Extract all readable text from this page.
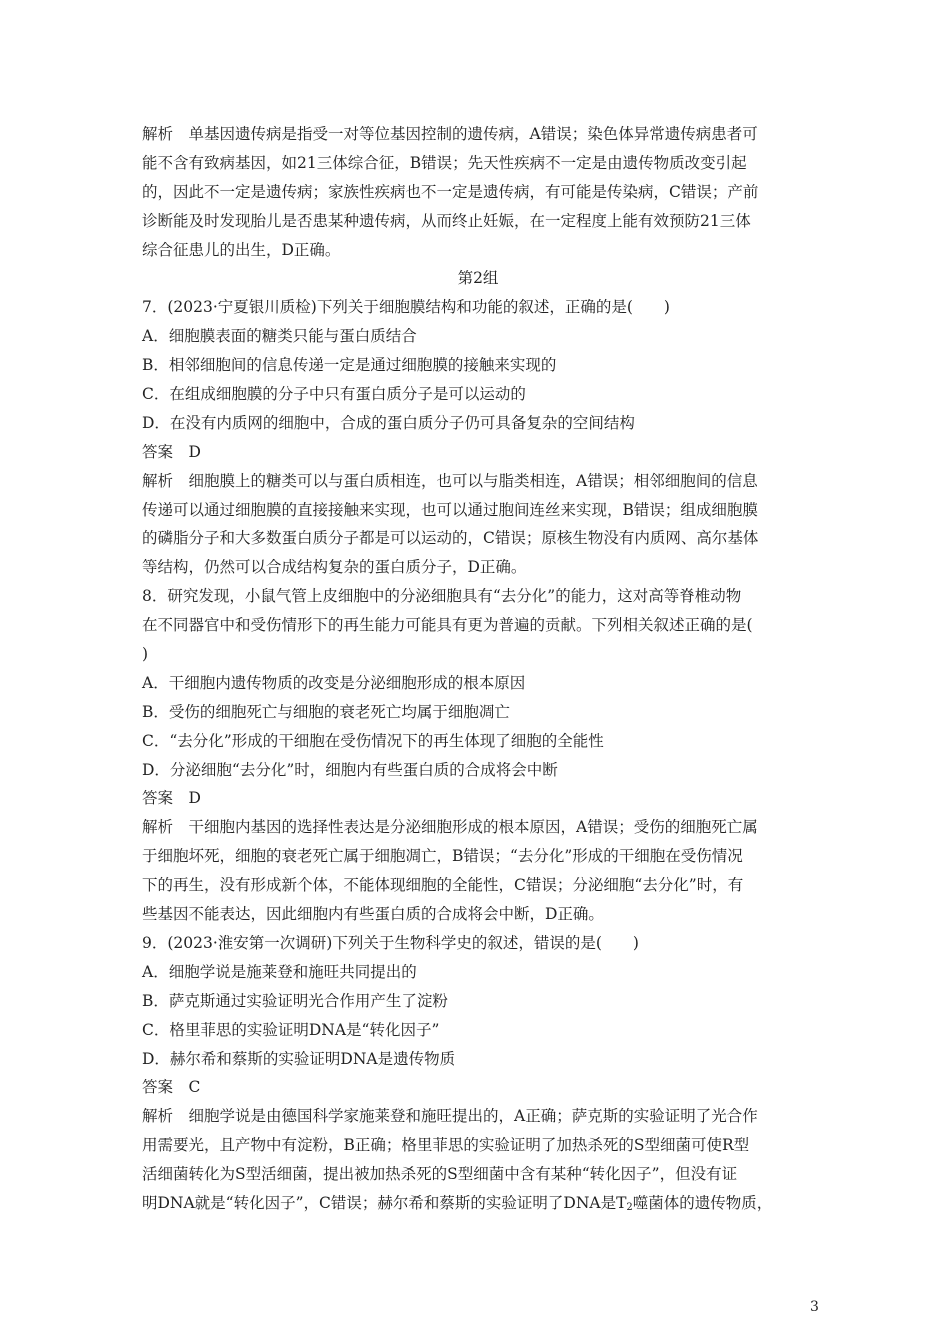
解析　单基因遗传病是指受一对等位基因控制的遗传病，A错误；染色体异常遗传病患者可
能不含有致病基因，如21三体综合征，B错误；先天性疾病不一定是由遗传物质改变引起
的，因此不一定是遗传病；家族性疾病也不一定是遗传病，有可能是传染病，C错误；产前
诊断能及时发现胎儿是否患某种遗传病，从而终止妊娠，在一定程度上能有效预防21三体
综合征患儿的出生，D正确。
第2组
7．(2023·宁夏银川质检)下列关于细胞膜结构和功能的叙述，正确的是(　　)
A．细胞膜表面的糖类只能与蛋白质结合
B．相邻细胞间的信息传递一定是通过细胞膜的接触来实现的
C．在组成细胞膜的分子中只有蛋白质分子是可以运动的
D．在没有内质网的细胞中，合成的蛋白质分子仍可具备复杂的空间结构
答案　D
解析　细胞膜上的糖类可以与蛋白质相连，也可以与脂类相连，A错误；相邻细胞间的信息
传递可以通过细胞膜的直接接触来实现，也可以通过胞间连丝来实现，B错误；组成细胞膜
的磷脂分子和大多数蛋白质分子都是可以运动的，C错误；原核生物没有内质网、高尔基体
等结构，仍然可以合成结构复杂的蛋白质分子，D正确。
8．研究发现，小鼠气管上皮细胞中的分泌细胞具有“去分化”的能力，这对高等脊椎动物
在不同器官中和受伤情形下的再生能力可能具有更为普遍的贡献。下列相关叙述正确的是(
)
A．干细胞内遗传物质的改变是分泌细胞形成的根本原因
B．受伤的细胞死亡与细胞的衰老死亡均属于细胞凋亡
C．“去分化”形成的干细胞在受伤情况下的再生体现了细胞的全能性
D．分泌细胞“去分化”时，细胞内有些蛋白质的合成将会中断
答案　D
解析　干细胞内基因的选择性表达是分泌细胞形成的根本原因，A错误；受伤的细胞死亡属
于细胞坏死，细胞的衰老死亡属于细胞凋亡，B错误；“去分化”形成的干细胞在受伤情况
下的再生，没有形成新个体，不能体现细胞的全能性，C错误；分泌细胞“去分化”时，有
些基因不能表达，因此细胞内有些蛋白质的合成将会中断，D正确。
9．(2023·淮安第一次调研)下列关于生物科学史的叙述，错误的是(　　)
A．细胞学说是施莱登和施旺共同提出的
B．萨克斯通过实验证明光合作用产生了淀粉
C．格里菲思的实验证明DNA是“转化因子”
D．赫尔希和蔡斯的实验证明DNA是遗传物质
答案　C
解析　细胞学说是由德国科学家施莱登和施旺提出的，A正确；萨克斯的实验证明了光合作
用需要光，且产物中有淀粉，B正确；格里菲思的实验证明了加热杀死的S型细菌可使R型
活细菌转化为S型活细菌，提出被加热杀死的S型细菌中含有某种“转化因子”，但没有证
明DNA就是“转化因子”，C错误；赫尔希和蔡斯的实验证明了DNA是$T_2$噬菌体的遗传物质，
3
